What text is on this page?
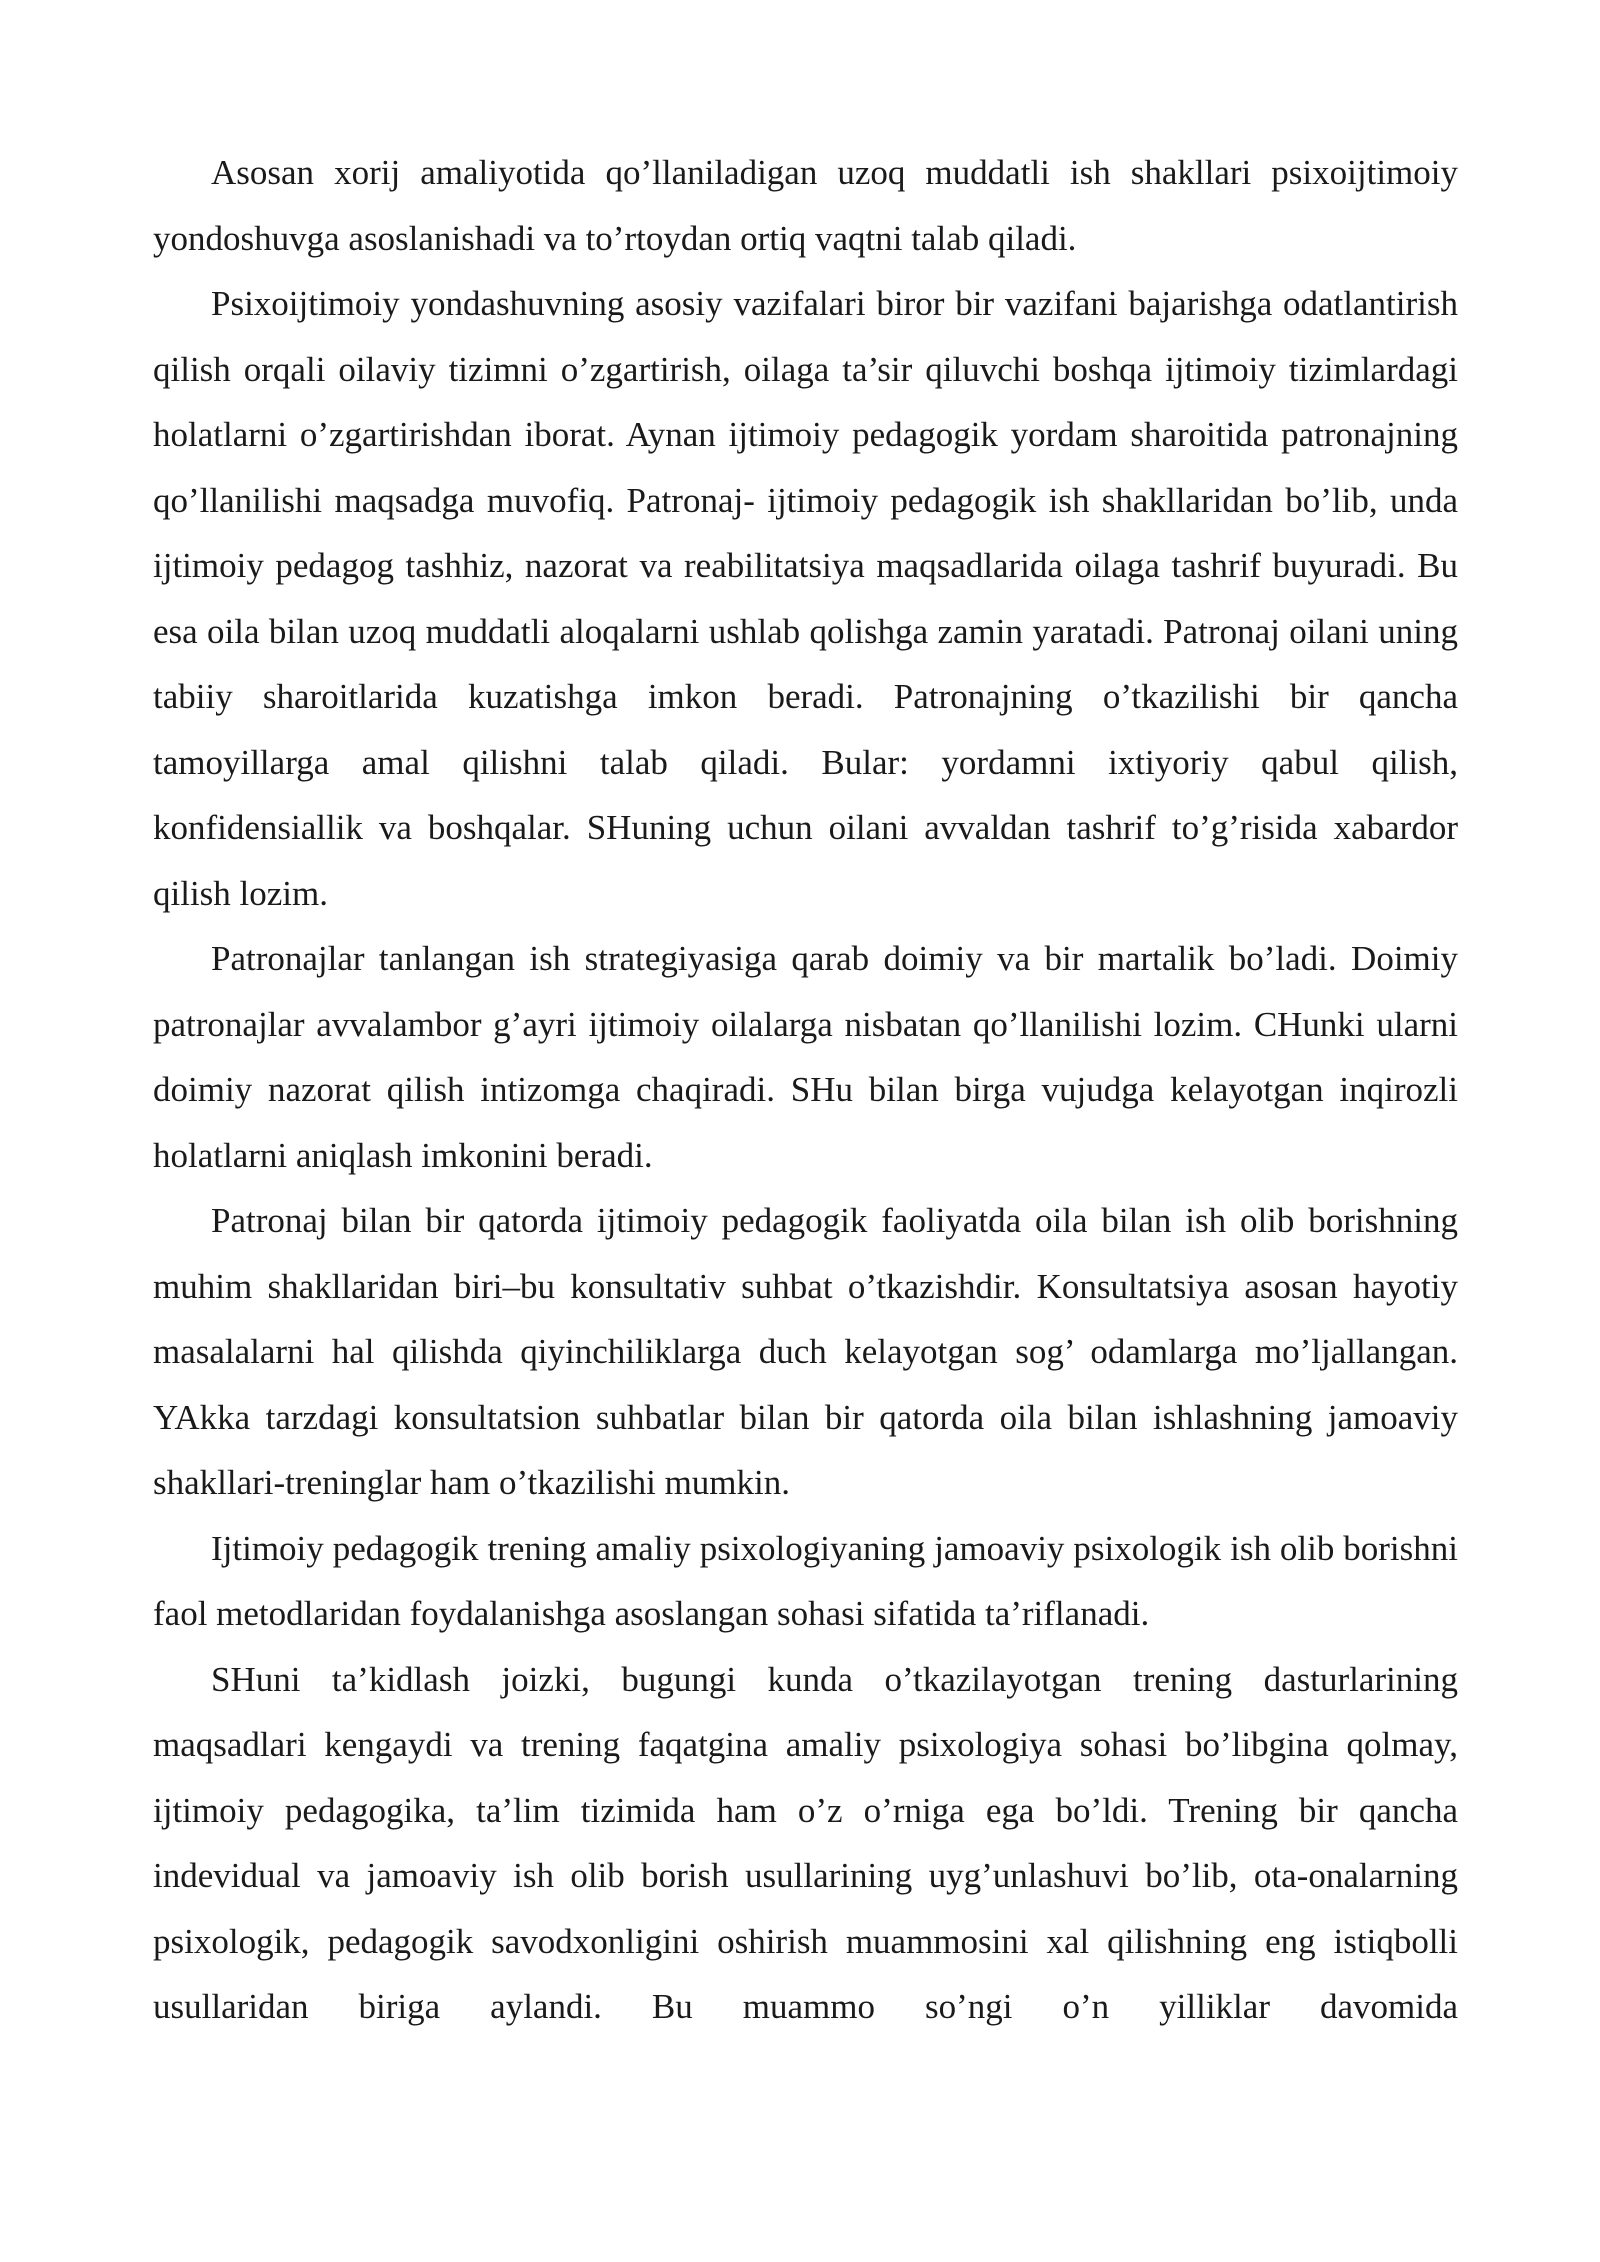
Asosan xorij amaliyotida qo’llaniladigan uzoq muddatli ish shakllari psixoijtimoiy yondoshuvga asoslanishadi va to’rtoydan ortiq vaqtni talab qiladi.

Psixoijtimoiy yondashuvning asosiy vazifalari biror bir vazifani bajarishga odatlantirish qilish orqali oilaviy tizimni o’zgartirish, oilaga ta’sir qiluvchi boshqa ijtimoiy tizimlardagi holatlarni o’zgartirishdan iborat. Aynan ijtimoiy pedagogik yordam sharoitida patronajning qo’llanilishi maqsadga muvofiq. Patronaj- ijtimoiy pedagogik ish shakllaridan bo’lib, unda ijtimoiy pedagog tashhiz, nazorat va reabilitatsiya maqsadlarida oilaga tashrif buyuradi. Bu esa oila bilan uzoq muddatli aloqalarni ushlab qolishga zamin yaratadi. Patronaj oilani uning tabiiy sharoitlarida kuzatishga imkon beradi. Patronajning o’tkazilishi bir qancha tamoyillarga amal qilishni talab qiladi. Bular: yordamni ixtiyoriy qabul qilish, konfidensiallik va boshqalar. SHuning uchun oilani avvaldan tashrif to’g’risida xabardor qilish lozim.

Patronajlar tanlangan ish strategiyasiga qarab doimiy va bir martalik bo’ladi. Doimiy patronajlar avvalambor g’ayri ijtimoiy oilalarga nisbatan qo’llanilishi lozim. CHunki ularni doimiy nazorat qilish intizomga chaqiradi. SHu bilan birga vujudga kelayotgan inqirozli holatlarni aniqlash imkonini beradi.

Patronaj bilan bir qatorda ijtimoiy pedagogik faoliyatda oila bilan ish olib borishning muhim shakllaridan biri–bu konsultativ suhbat o’tkazishdir. Konsultatsiya asosan hayotiy masalalarni hal qilishda qiyinchiliklarga duch kelayotgan sog’ odamlarga mo’ljallangan. YAkka tarzdagi konsultatsion suhbatlar bilan bir qatorda oila bilan ishlashning jamoaviy shakllari-treninglar ham o’tkazilishi mumkin.

Ijtimoiy pedagogik trening amaliy psixologiyaning jamoaviy psixologik ish olib borishni faol metodlaridan foydalanishga asoslangan sohasi sifatida ta’riflanadi.

SHuni ta’kidlash joizki, bugungi kunda o’tkazilayotgan trening dasturlarining maqsadlari kengaydi va trening faqatgina amaliy psixologiya sohasi bo’libgina qolmay, ijtimoiy pedagogika, ta’lim tizimida ham o’z o’rniga ega bo’ldi. Trening bir qancha indevidual va jamoaviy ish olib borish usullarining uyg’unlashuvi bo’lib, ota-onalarning psixologik, pedagogik savodxonligini oshirish muammosini xal qilishning eng istiqbolli usullaridan biriga aylandi. Bu muammo so’ngi o’n yilliklar davomida
